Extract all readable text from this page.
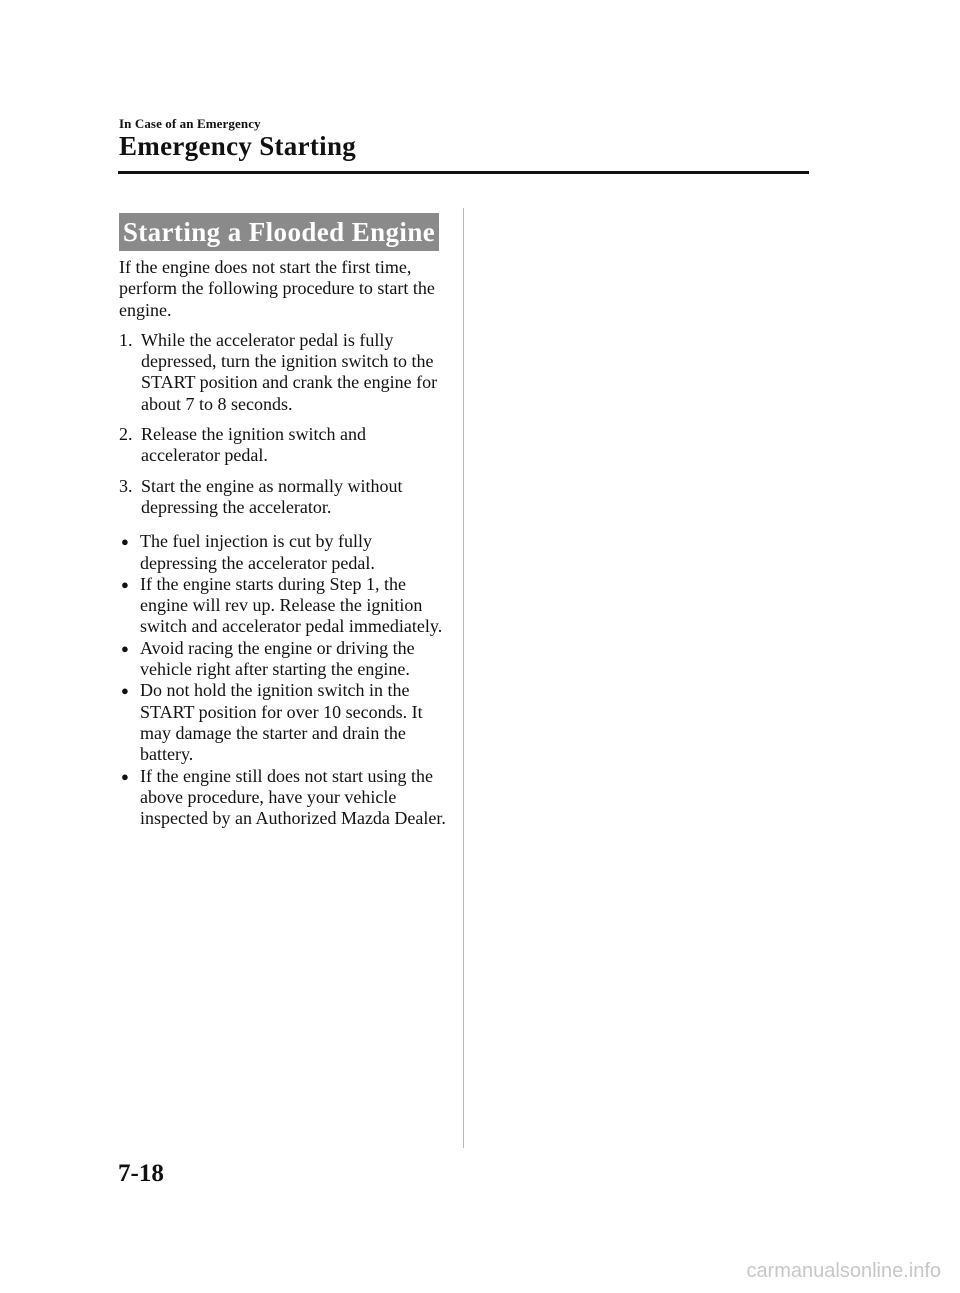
In Case of an Emergency
Emergency Starting
Starting a Flooded Engine

If the engine does not start the first time, perform the following procedure to start the engine.

1. While the accelerator pedal is fully depressed, turn the ignition switch to the START position and crank the engine for about 7 to 8 seconds.
2. Release the ignition switch and accelerator pedal.
3. Start the engine as normally without depressing the accelerator.
● The fuel injection is cut by fully depressing the accelerator pedal.
● If the engine starts during Step 1, the engine will rev up. Release the ignition switch and accelerator pedal immediately.
● Avoid racing the engine or driving the vehicle right after starting the engine.
● Do not hold the ignition switch in the START position for over 10 seconds. It may damage the starter and drain the battery.
● If the engine still does not start using the above procedure, have your vehicle inspected by an Authorized Mazda Dealer.
7-18
carmanualsonline.info
